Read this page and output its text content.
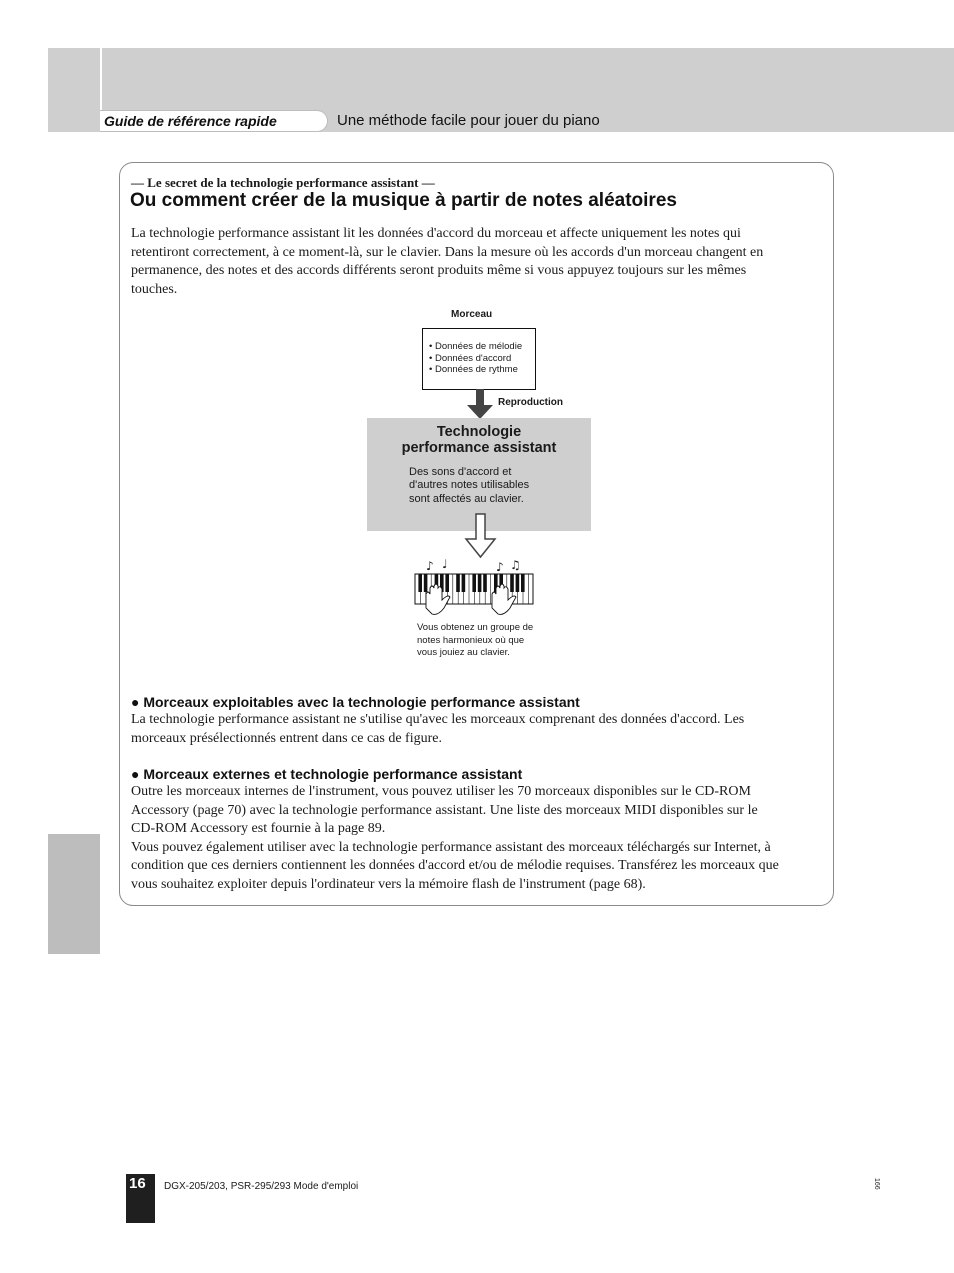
Guide de référence rapide	Une méthode facile pour jouer du piano
— Le secret de la technologie performance assistant —
Ou comment créer de la musique à partir de notes aléatoires

La technologie performance assistant lit les données d'accord du morceau et affecte uniquement les notes qui

retentiront correctement, à ce moment-là, sur le clavier. Dans la mesure où les accords d'un morceau changent en

permanence, des notes et des accords différents seront produits même si vous appuyez toujours sur les mêmes

touches.

Morceau
• Données de mélodie
• Données d'accord
• Données de rythme
Reproduction
Technologie
performance assistant
Des sons d'accord et
d'autres notes utilisables
sont affectés au clavier.
♪ ♩	♪ ♫
Vous obtenez un groupe de
notes harmonieux où que
vous jouiez au clavier.
● Morceaux exploitables avec la technologie performance assistant

La technologie performance assistant ne s'utilise qu'avec les morceaux comprenant des données d'accord. Les

morceaux présélectionnés entrent dans ce cas de figure.

● Morceaux externes et technologie performance assistant

Outre les morceaux internes de l'instrument, vous pouvez utiliser les 70 morceaux disponibles sur le CD-ROM

Accessory (page 70) avec la technologie performance assistant. Une liste des morceaux MIDI disponibles sur le

CD-ROM Accessory est fournie à la page 89.

Vous pouvez également utiliser avec la technologie performance assistant des morceaux téléchargés sur Internet, à

condition que ces derniers contiennent les données d'accord et/ou de mélodie requises. Transférez les morceaux que

vous souhaitez exploiter depuis l'ordinateur vers la mémoire flash de l'instrument (page 68).

16 DGX-205/203, PSR-295/293 Mode d'emploi	166
